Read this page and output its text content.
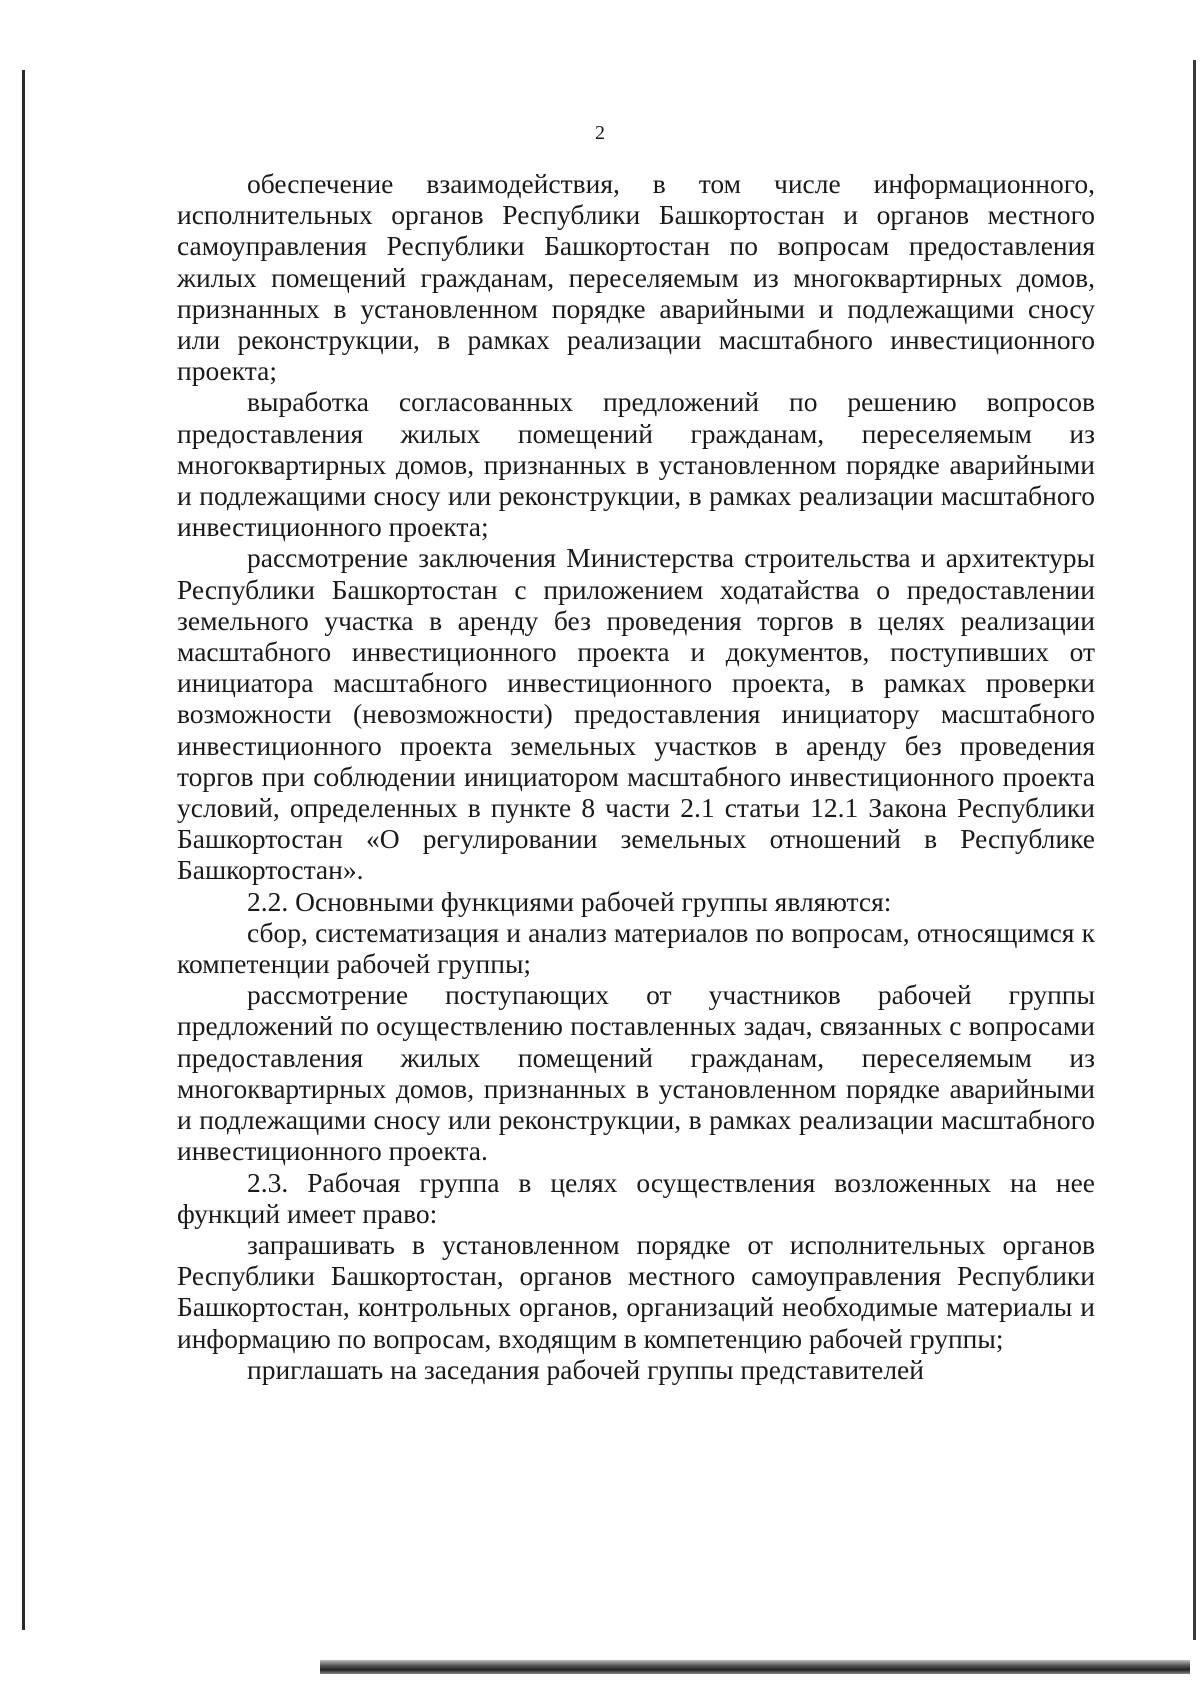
2

обеспечение взаимодействия, в том числе информационного, исполнительных органов Республики Башкортостан и органов местного самоуправления Республики Башкортостан по вопросам предоставления жилых помещений гражданам, переселяемым из многоквартирных домов, признанных в установленном порядке аварийными и подлежащими сносу или реконструкции, в рамках реализации масштабного инвестиционного проекта;

выработка согласованных предложений по решению вопросов предоставления жилых помещений гражданам, переселяемым из многоквартирных домов, признанных в установленном порядке аварийными и подлежащими сносу или реконструкции, в рамках реализации масштабного инвестиционного проекта;

рассмотрение заключения Министерства строительства и архитектуры Республики Башкортостан с приложением ходатайства о предоставлении земельного участка в аренду без проведения торгов в целях реализации масштабного инвестиционного проекта и документов, поступивших от инициатора масштабного инвестиционного проекта, в рамках проверки возможности (невозможности) предоставления инициатору масштабного инвестиционного проекта земельных участков в аренду без проведения торгов при соблюдении инициатором масштабного инвестиционного проекта условий, определенных в пункте 8 части 2.1 статьи 12.1 Закона Республики Башкортостан «О регулировании земельных отношений в Республике Башкортостан».

2.2. Основными функциями рабочей группы являются:

сбор, систематизация и анализ материалов по вопросам, относящимся к компетенции рабочей группы;

рассмотрение поступающих от участников рабочей группы предложений по осуществлению поставленных задач, связанных с вопросами предоставления жилых помещений гражданам, переселяемым из многоквартирных домов, признанных в установленном порядке аварийными и подлежащими сносу или реконструкции, в рамках реализации масштабного инвестиционного проекта.

2.3. Рабочая группа в целях осуществления возложенных на нее функций имеет право:

запрашивать в установленном порядке от исполнительных органов Республики Башкортостан, органов местного самоуправления Республики Башкортостан, контрольных органов, организаций необходимые материалы и информацию по вопросам, входящим в компетенцию рабочей группы;

приглашать на заседания рабочей группы представителей
